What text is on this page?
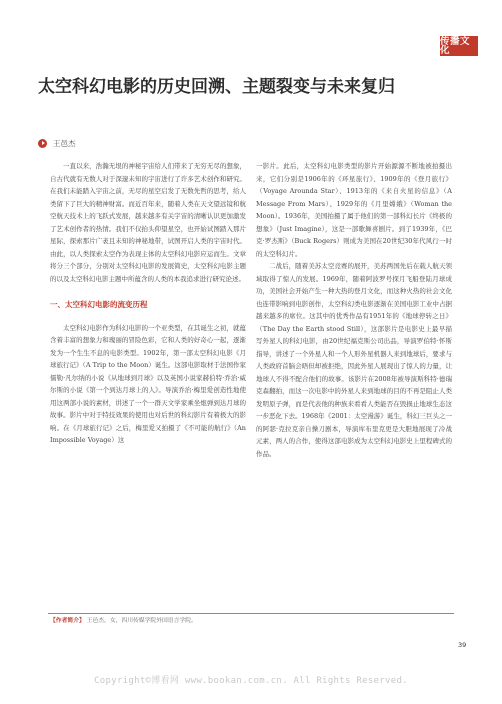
传播文化
太空科幻电影的历史回溯、主题裂变与未来复归
王邑杰

一直以来，浩瀚无垠的神秘宇宙给人们带来了无穷无尽的想象，自古代就有无数人对于深邃未知的宇宙进行了许多艺术创作和研究。在我们未能踏入宇宙之前，无尽的星空启发了无数先哲的思考，给人类留下了巨大的精神财富。而近百年来，随着人类在天文望远镜和航空航天技术上的飞跃式发展，越来越多有关宇宙的清晰认识更加激发了艺术创作者的热情。我们不仅抬头仰望星空，也开始试图踏入那片星际，探索那片广袤且未知的神秘地带，试图开启人类的宇宙时代。由此，以人类探索太空作为表现主体的太空科幻电影应运而生。文章将分三个部分，分别对太空科幻电影的发展简史，太空科幻电影主题的以及太空科幻电影主题中所蕴含的人类的本我追求进行研究论述。

一、太空科幻电影的流变历程

太空科幻电影作为科幻电影的一个亚类型，在其诞生之初，就蕴含着丰富的想象力和瑰丽的冒险色彩，它和人类的好奇心一起，逐渐发为一个生生不息的电影类型。1902年，第一部太空科幻电影《月球旅行记》（A Trip to the Moon）诞生。这部电影取材于法国作家儒勒·凡尔纳的小说《从地球到月球》以及英国小说家赫伯特·乔治·威尔斯的小说《第一个到达月球上的人》。导演乔治·梅里爱创造性地使用这两部小说的素材，讲述了一个一群天文学家乘坐炮弹到达月球的故事。影片中对于特技效果的使用也对后世的科幻影片有着极大的影响。在《月球旅行记》之后，梅里爱又拍摄了《不可能的航行》（An Impossible Voyage）这

一影片。此后，太空科幻电影类型的影片开始源源不断地被拍摄出来，它们分别是1906年的《环星旅行》、1909年的《登月旅行》（Voyage Arounda Star）、1913年的《来自火星的信息》（A Message From Mars）、1929年的《月里嫦娥》（Woman the Moon）。1936年，美国拍摄了属于他们的第一部科幻长片《终极的想象》（Just Imagine），这是一部歌舞喜剧片。到了1939年，《巴克·罗杰斯》（Buck Rogers）则成为美国在20世纪30年代风行一时的太空科幻片。

二战后，随着美苏太空竞赛的展开，美苏两国先后在载人航天领域取得了惊人的发展。1969年，随着阿波罗号探月飞船登陆月球成功，美国社会开始产生一种大热的登月文化，而这种火热的社会文化也连带影响到电影创作，太空科幻类电影逐渐在美国电影工业中占据越来越多的席位。这其中的优秀作品有1951年的《地球停转之日》（The Day the Earth stood Still），这部影片是电影史上最早描写外星人的科幻电影，由20世纪福克斯公司出品，导演罗伯特·怀斯指导，讲述了一个外星人和一个人形外星机器人来到地球后，要求与人类政府首脑会晤但却被拒绝，因此外星人展现出了惊人的力量，让地球人不得不配合他们的故事。该影片在2008年被导演斯科特·德瑞克森翻拍，而这一次电影中的外星人来到地球的目的不再是阻止人类发明原子弹，而是代表他的种族来看看人类能否在毁损止地球生态这一步恶化下去。1968年《2001：太空漫游》诞生，科幻三巨头之一的阿瑟·克拉克亲自操刀剧本，导演库布里克更是大胆地展现了冷战元素，两人的合作，使得这部电影成为太空科幻电影史上里程碑式的作品。

【作者简介】 王邑杰，女，四川传媒学院外国语言学院。
39
Copyright©博看网 www.bookan.com.cn. All Rights Reserved.
